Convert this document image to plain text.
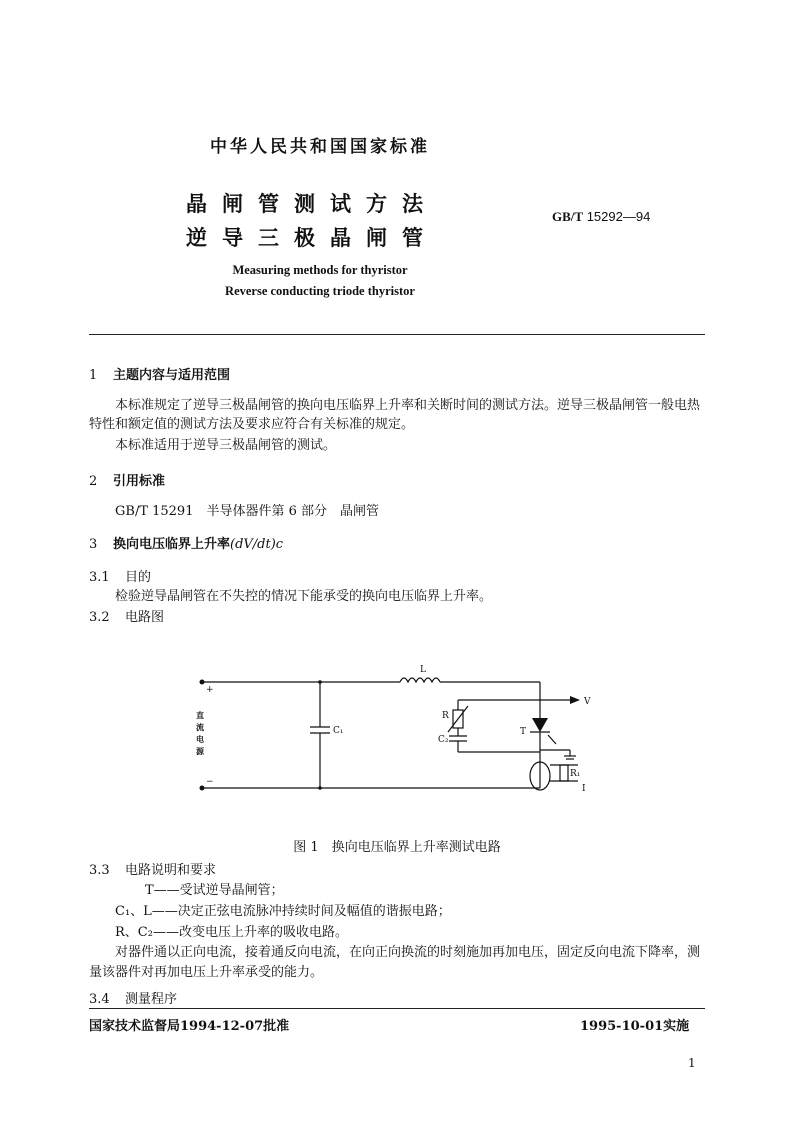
中华人民共和国国家标准
晶闸管测试方法
逆导三极晶闸管
GB/T 15292—94
Measuring methods for thyristor
Reverse conducting triode thyristor
1 主题内容与适用范围
本标准规定了逆导三极晶闸管的换向电压临界上升率和关断时间的测试方法。逆导三极晶闸管一般电热特性和额定值的测试方法及要求应符合有关标准的规定。
本标准适用于逆导三极晶闸管的测试。
2 引用标准
GB/T 15291　半导体器件第 6 部分　晶闸管
3 换向电压临界上升率(dV/dt)c
3.1 目的
检验逆导晶闸管在不失控的情况下能承受的换向电压临界上升率。
3.2 电路图
L
V
R
C₂
T
C₁
R₁
I
+
−
直
流
电
源
图 1　换向电压临界上升率测试电路
3.3 电路说明和要求
T——受试逆导晶闸管；
C₁、L——决定正弦电流脉冲持续时间及幅值的谐振电路；
R、C₂——改变电压上升率的吸收电路。
对器件通以正向电流，接着通反向电流，在向正向换流的时刻施加再加电压，固定反向电流下降率，测量该器件对再加电压上升率承受的能力。
3.4 测量程序
国家技术监督局1994-12-07批准	1995-10-01实施
1
